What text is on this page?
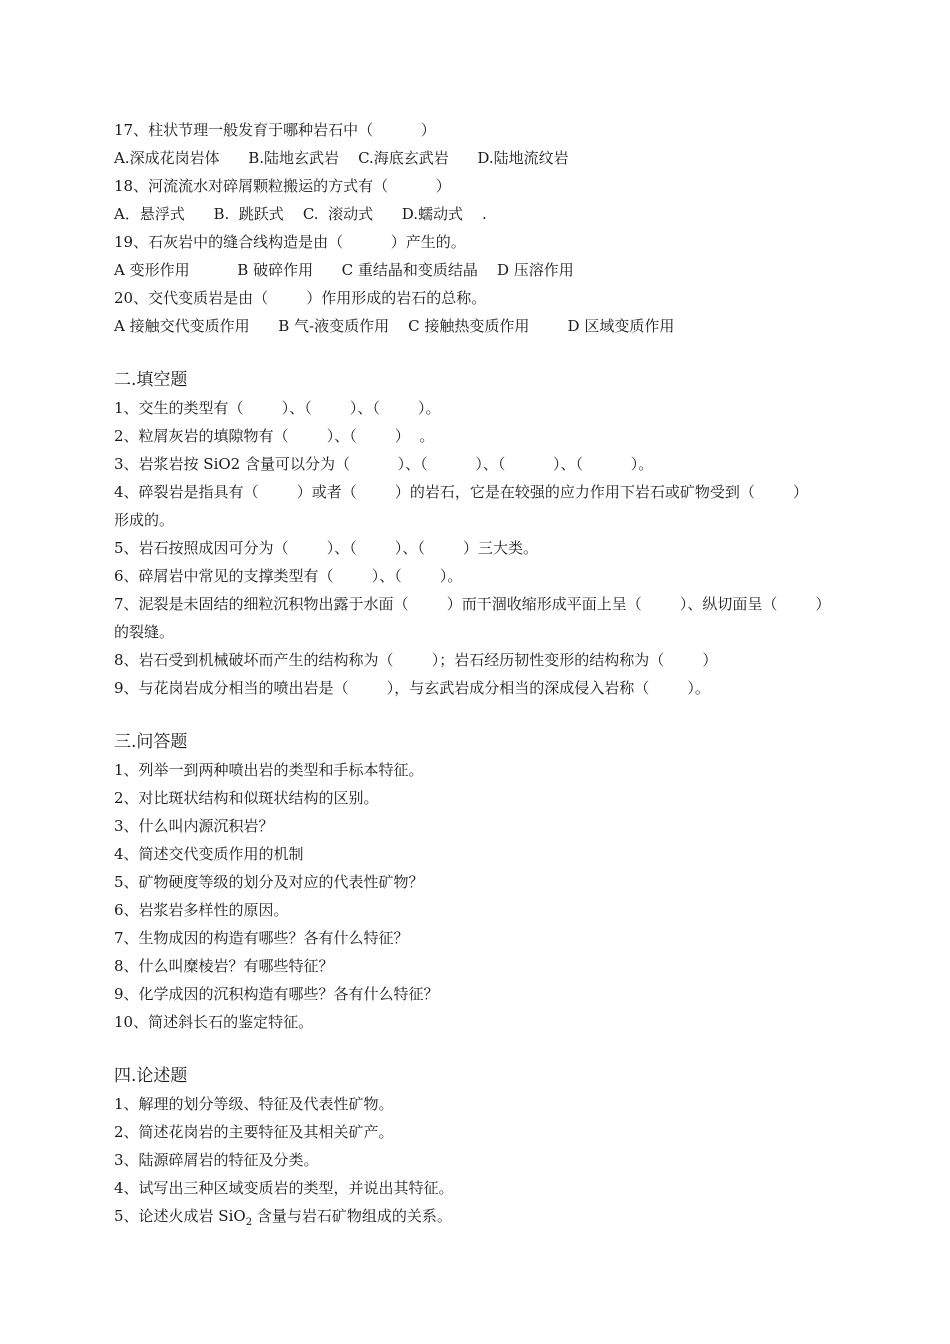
17、柱状节理一般发育于哪种岩石中（          ）
A.深成花岗岩体      B.陆地玄武岩    C.海底玄武岩      D.陆地流纹岩
18、河流流水对碎屑颗粒搬运的方式有（          ）
A．悬浮式      B.  跳跃式    C.  滚动式      D.蠕动式    .
19、石灰岩中的缝合线构造是由（          ）产生的。
A 变形作用          B 破碎作用      C 重结晶和变质结晶    D 压溶作用
20、交代变质岩是由（        ）作用形成的岩石的总称。
A 接触交代变质作用      B 气-液变质作用    C 接触热变质作用        D 区域变质作用
二.填空题
1、交生的类型有（        ）、（        ）、（        ）。
2、粒屑灰岩的填隙物有（        ）、（        ）  。
3、岩浆岩按 SiO2 含量可以分为（          ）、（          ）、（          ）、（          ）。
4、碎裂岩是指具有（        ）或者（        ）的岩石，它是在较强的应力作用下岩石或矿物受到（        ）
形成的。
5、岩石按照成因可分为（        ）、（        ）、（        ）三大类。
6、碎屑岩中常见的支撑类型有（        ）、（        ）。
7、泥裂是未固结的细粒沉积物出露于水面（        ）而干涸收缩形成平面上呈（        ）、纵切面呈（        ）
的裂缝。
8、岩石受到机械破坏而产生的结构称为（        ）；岩石经历韧性变形的结构称为（        ）
9、与花岗岩成分相当的喷出岩是（        ），与玄武岩成分相当的深成侵入岩称（        ）。
三.问答题
1、列举一到两种喷出岩的类型和手标本特征。
2、对比斑状结构和似斑状结构的区别。
3、什么叫内源沉积岩？
4、简述交代变质作用的机制
5、矿物硬度等级的划分及对应的代表性矿物？
6、岩浆岩多样性的原因。
7、生物成因的构造有哪些？各有什么特征？
8、什么叫糜棱岩？有哪些特征？
9、化学成因的沉积构造有哪些？各有什么特征？
10、简述斜长石的鉴定特征。
四.论述题
1、解理的划分等级、特征及代表性矿物。
2、简述花岗岩的主要特征及其相关矿产。
3、陆源碎屑岩的特征及分类。
4、试写出三种区域变质岩的类型，并说出其特征。
5、论述火成岩 SiO$_2$ 含量与岩石矿物组成的关系。
